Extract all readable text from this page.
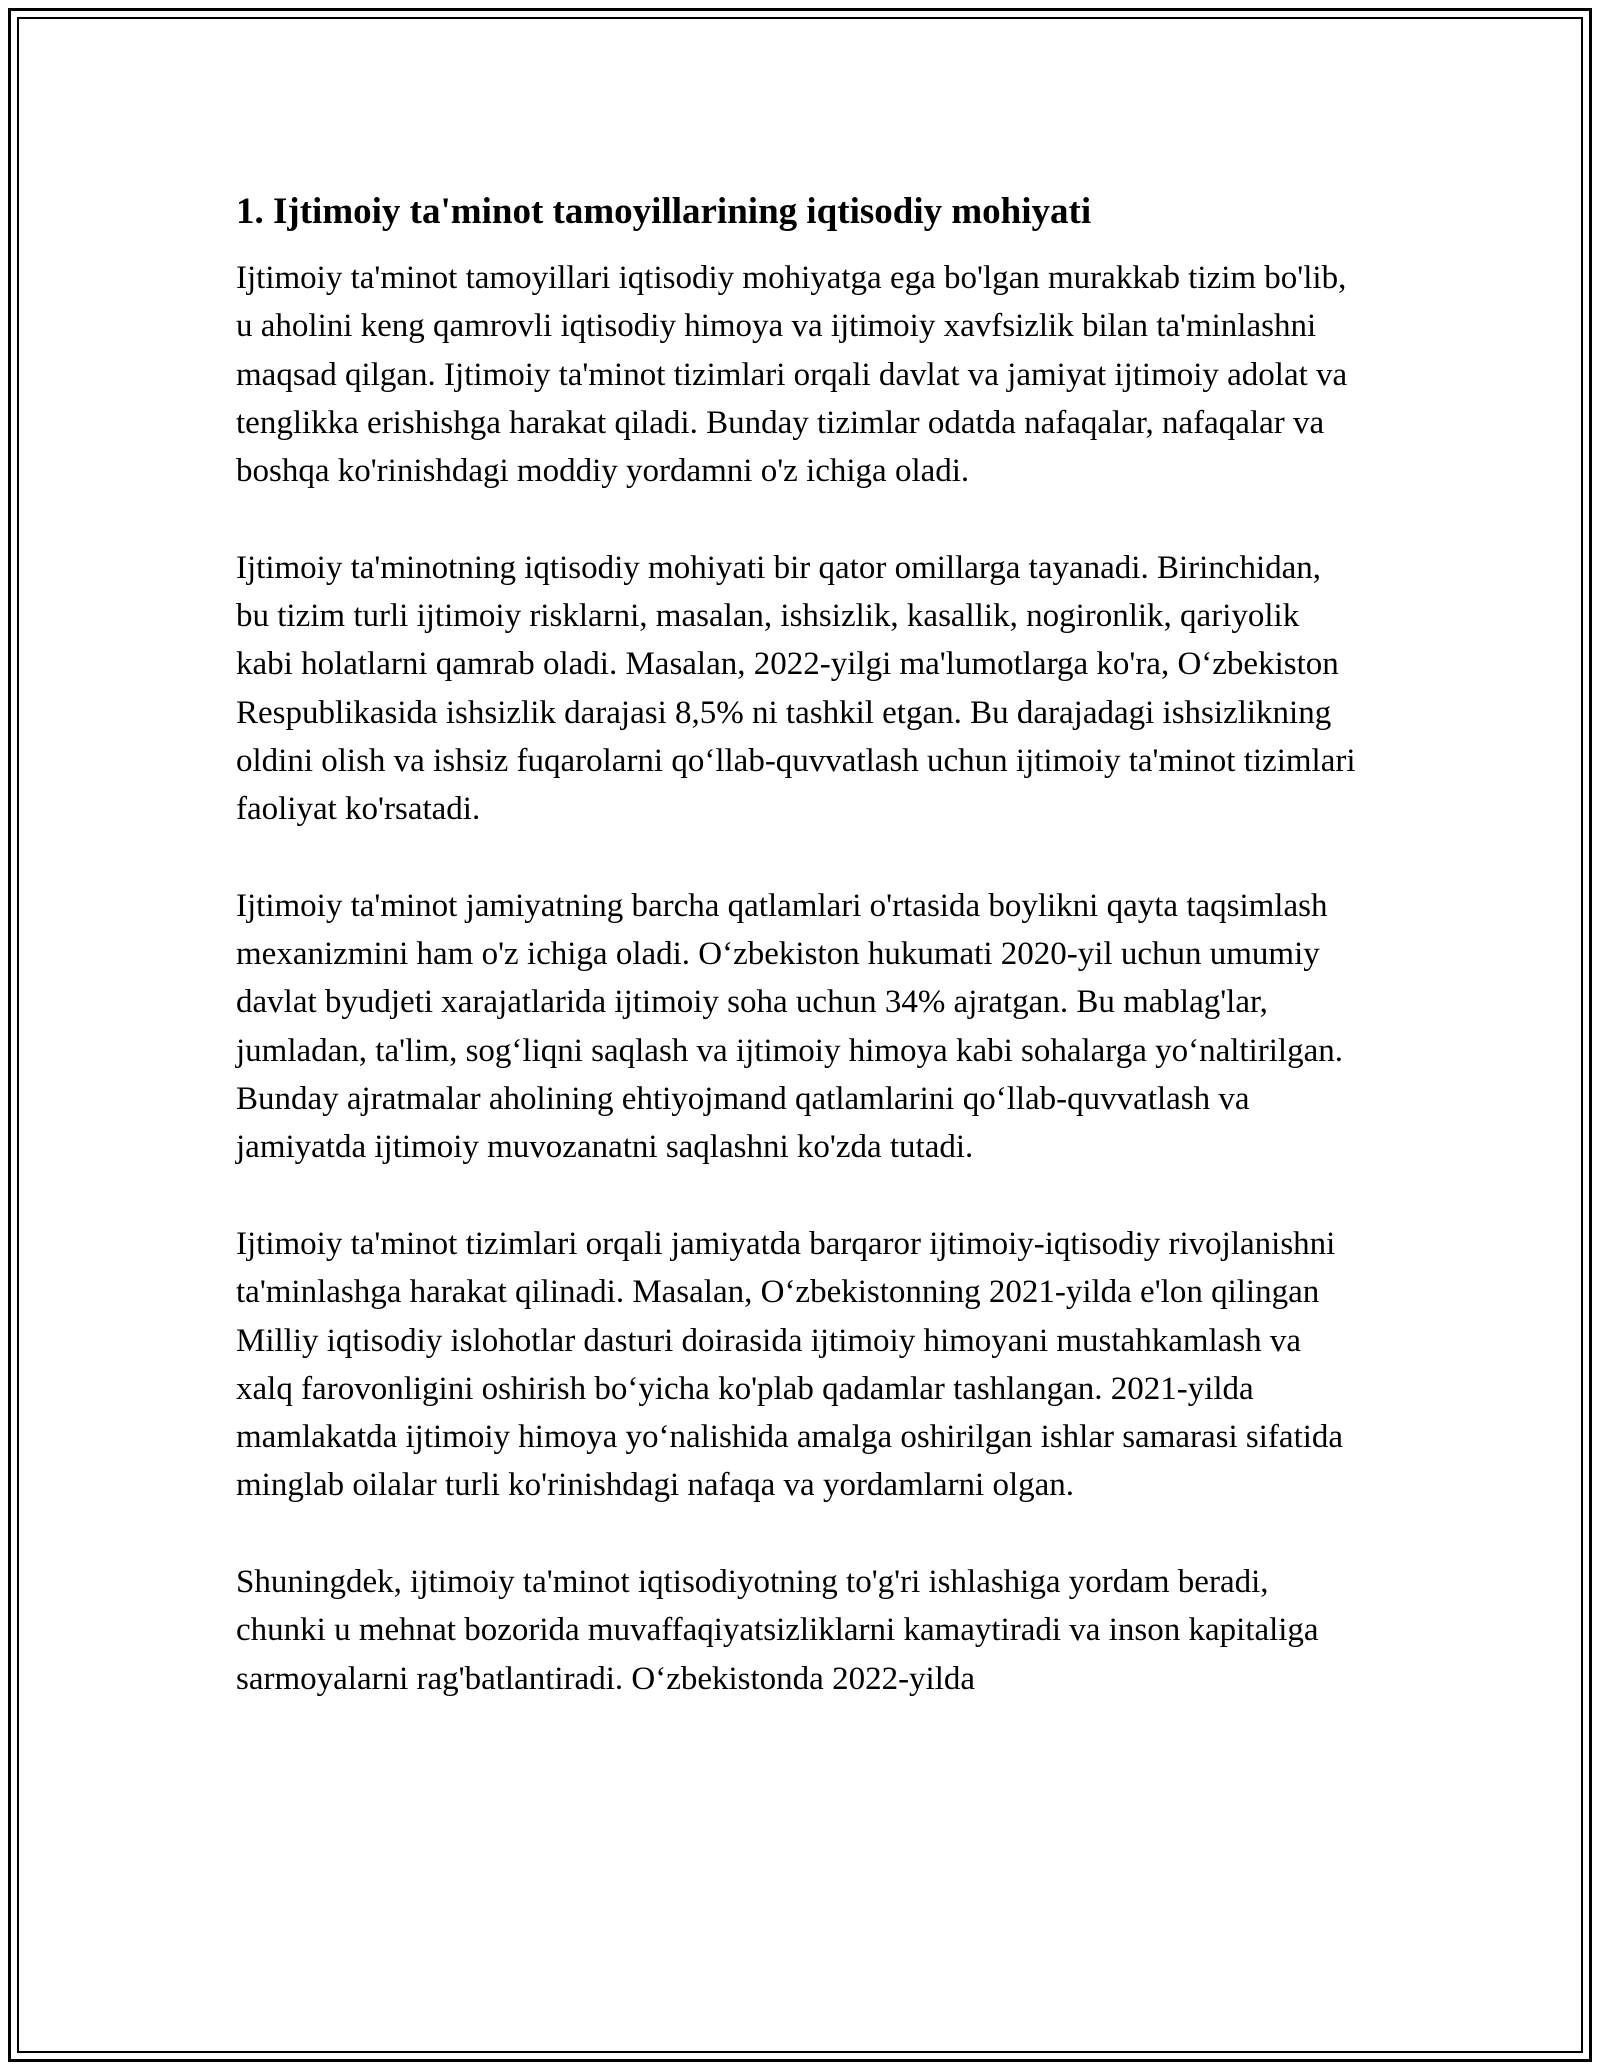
1. Ijtimoiy ta'minot tamoyillarining iqtisodiy mohiyati

Ijtimoiy ta'minot tamoyillari iqtisodiy mohiyatga ega bo'lgan murakkab tizim bo'lib, u aholini keng qamrovli iqtisodiy himoya va ijtimoiy xavfsizlik bilan ta'minlashni maqsad qilgan. Ijtimoiy ta'minot tizimlari orqali davlat va jamiyat ijtimoiy adolat va tenglikka erishishga harakat qiladi. Bunday tizimlar odatda nafaqalar, nafaqalar va boshqa ko'rinishdagi moddiy yordamni o'z ichiga oladi.

Ijtimoiy ta'minotning iqtisodiy mohiyati bir qator omillarga tayanadi. Birinchidan, bu tizim turli ijtimoiy risklarni, masalan, ishsizlik, kasallik, nogironlik, qariyolik kabi holatlarni qamrab oladi. Masalan, 2022-yilgi ma'lumotlarga ko'ra, O‘zbekiston Respublikasida ishsizlik darajasi 8,5% ni tashkil etgan. Bu darajadagi ishsizlikning oldini olish va ishsiz fuqarolarni qo‘llab-quvvatlash uchun ijtimoiy ta'minot tizimlari faoliyat ko'rsatadi.

Ijtimoiy ta'minot jamiyatning barcha qatlamlari o'rtasida boylikni qayta taqsimlash mexanizmini ham o'z ichiga oladi. O‘zbekiston hukumati 2020-yil uchun umumiy davlat byudjeti xarajatlarida ijtimoiy soha uchun 34% ajratgan. Bu mablag'lar, jumladan, ta'lim, sog‘liqni saqlash va ijtimoiy himoya kabi sohalarga yo‘naltirilgan. Bunday ajratmalar aholining ehtiyojmand qatlamlarini qo‘llab-quvvatlash va jamiyatda ijtimoiy muvozanatni saqlashni ko'zda tutadi.

Ijtimoiy ta'minot tizimlari orqali jamiyatda barqaror ijtimoiy-iqtisodiy rivojlanishni ta'minlashga harakat qilinadi. Masalan, O‘zbekistonning 2021-yilda e'lon qilingan Milliy iqtisodiy islohotlar dasturi doirasida ijtimoiy himoyani mustahkamlash va xalq farovonligini oshirish bo‘yicha ko'plab qadamlar tashlangan. 2021-yilda mamlakatda ijtimoiy himoya yo‘nalishida amalga oshirilgan ishlar samarasi sifatida minglab oilalar turli ko'rinishdagi nafaqa va yordamlarni olgan.

Shuningdek, ijtimoiy ta'minot iqtisodiyotning to'g'ri ishlashiga yordam beradi, chunki u mehnat bozorida muvaffaqiyatsizliklarni kamaytiradi va inson kapitaliga sarmoyalarni rag'batlantiradi. O‘zbekistonda 2022-yilda
